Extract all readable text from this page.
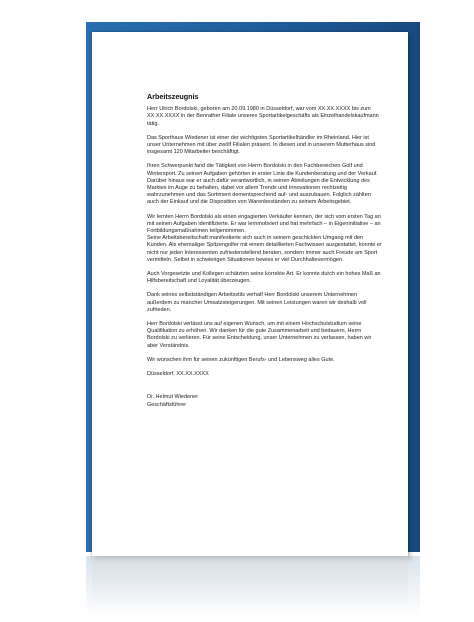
Arbeitszeugnis
Herr Ulrich Bordolski, geboren am 20.09.1980 in Düsseldorf, war vom XX.XX.XXXX bis zum XX.XX.XXXX in der Benrather Filiale unseres Sportartikelgeschäfts als Einzelhandelskaufmann tätig.
Das Sporthaus Wiedener ist einer der wichtigsten Sportartikelhändler im Rheinland. Hier ist unser Unternehmen mit über zwölf Filialen präsent. In diesen und in unserem Mutterhaus sind insgesamt 120 Mitarbeiter beschäftigt.
Ihren Schwerpunkt fand die Tätigkeit von Herrn Bordolski in den Fachbereichen Golf und Wintersport. Zu seinen Aufgaben gehörten in erster Linie die Kundenberatung und der Verkauf. Darüber hinaus war er auch dafür verantwortlich, in seinen Abteilungen die Entwicklung des Marktes im Auge zu behalten, dabei vor allem Trends und Innovationen rechtzeitig wahrzunehmen und das Sortiment dementsprechend auf- und auszubauen. Folglich zählten auch der Einkauf und die Disposition von Warenbeständen zu seinem Arbeitsgebiet.
Wir lernten Herrn Bordolski als einen engagierten Verkäufer kennen, der sich vom ersten Tag an mit seinen Aufgaben identifizierte. Er war lernmotiviert und hat mehrfach – in Eigeninitiative – an Fortbildungsmaßnahmen teilgenommen.
Seine Arbeitsbereitschaft manifestierte sich auch in seinem geschickten Umgang mit den Kunden. Als ehemaliger Spitzengolfer mit einem detaillierten Fachwissen ausgestattet, konnte er nicht nur jeden Interessenten zufriedenstellend beraten, sondern immer auch Freude am Sport vermitteln. Selbst in schwierigen Situationen bewies er viel Durchhaltevermögen.
Auch Vorgesetzte und Kollegen schätzten seine korrekte Art. Er konnte durch ein hohes Maß an Hilfsbereitschaft und Loyalität überzeugen.
Dank seines selbstständigen Arbeitsstils verhalf Herr Bordolski unserem Unternehmen außerdem zu mancher Umsatzsteigerungen. Mit seinen Leistungen waren wir deshalb voll zufrieden.
Herr Bordolski verlässt uns auf eigenen Wunsch, um mit einem Hochschulstudium seine Qualifikation zu erhöhen. Wir danken für die gute Zusammenarbeit und bedauern, Herrn Bordolski zu verlieren. Für seine Entscheidung, unser Unternehmen zu verlassen, haben wir aber Verständnis.
Wir wünschen ihm für seinen zukünftigen Berufs- und Lebensweg alles Gute.
Düsseldorf, XX.XX.XXXX
Dr. Helmut Wiedener
Geschäftsführer
